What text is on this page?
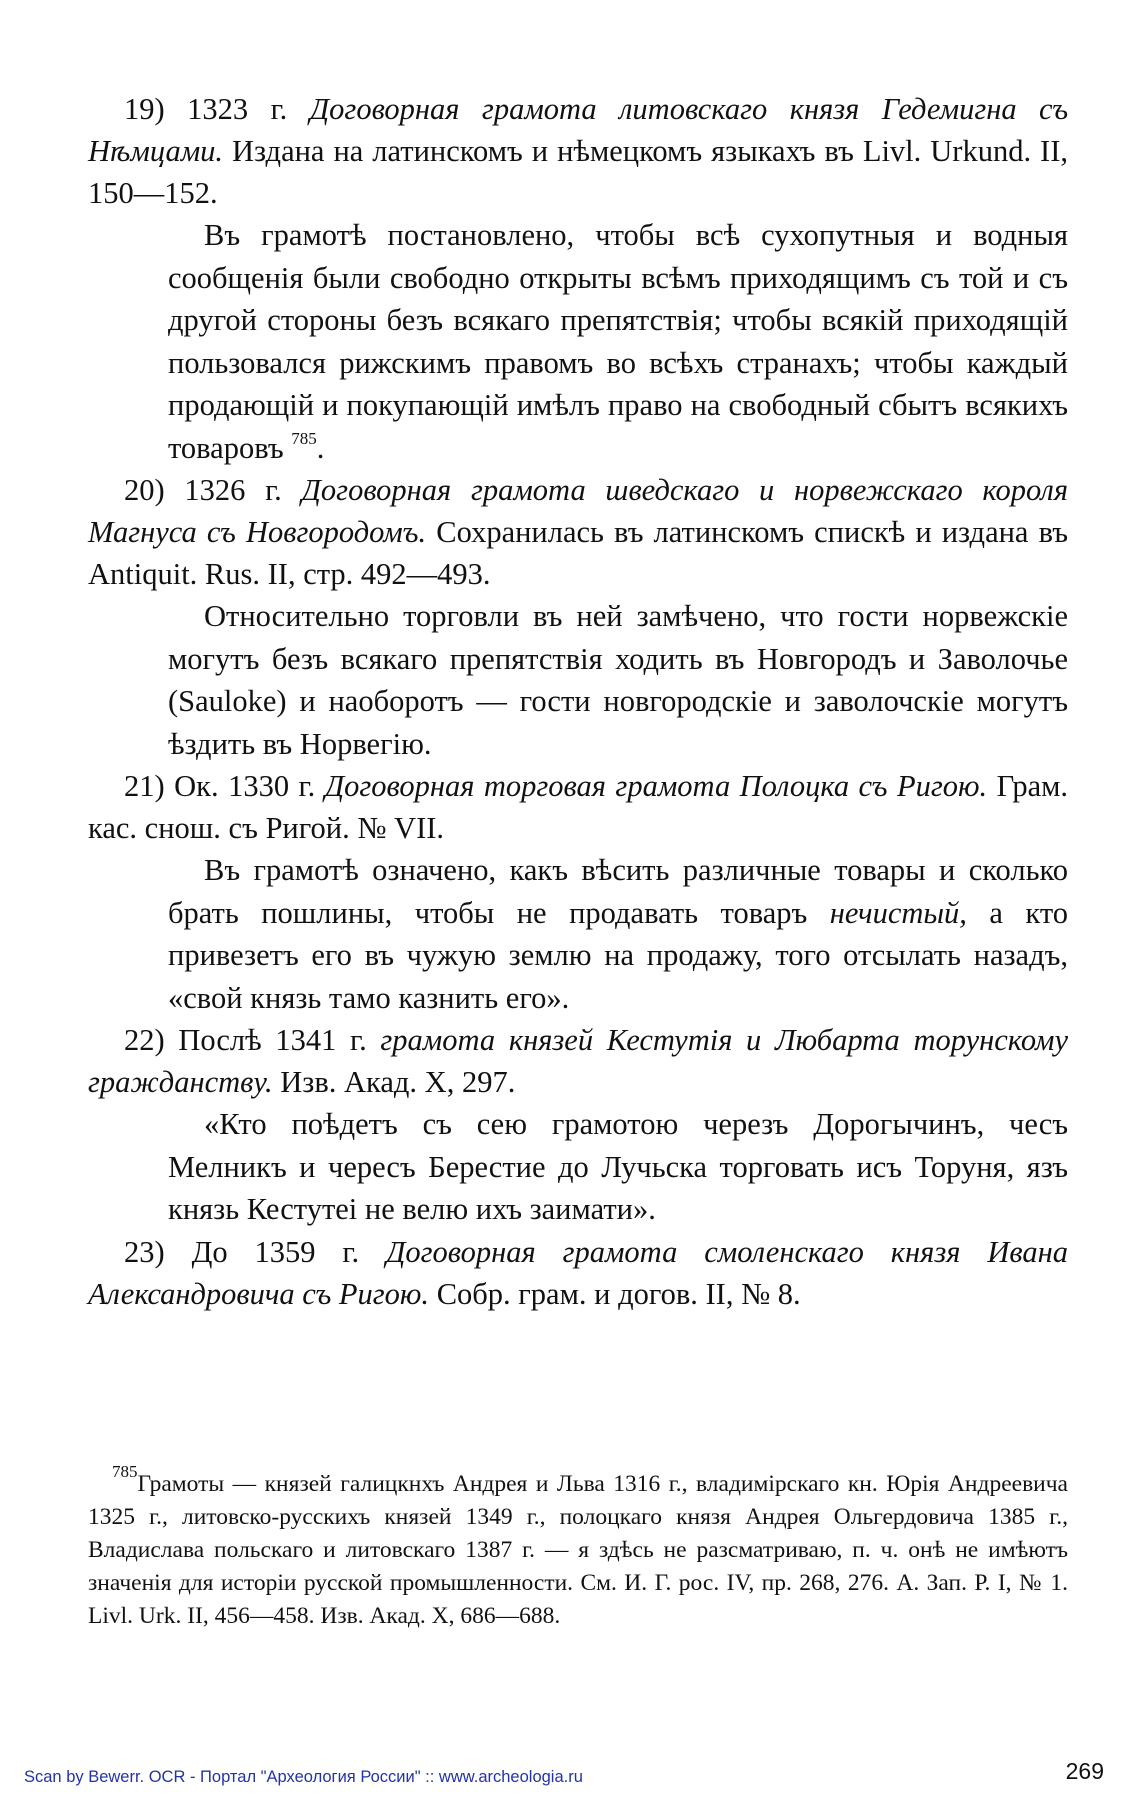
19) 1323 г. Договорная грамота литовскаго князя Гедемигна съ Нѣмцами. Издана на латинскомъ и нѣмецкомъ языкахъ въ Livl. Urkund. II, 150—152.

Въ грамотѣ постановлено, чтобы всѣ сухопутныя и водныя сообщенія были свободно открыты всѣмъ приходящимъ съ той и съ другой стороны безъ всякаго препятствія; чтобы всякій приходящій пользовался рижскимъ правомъ во всѣхъ странахъ; чтобы каждый продающій и покупающій имѣлъ право на свободный сбытъ всякихъ товаровъ $^{785}$.

20) 1326 г. Договорная грамота шведскаго и норвежскаго короля Магнуса съ Новгородомъ. Сохранилась въ латинскомъ спискѣ и издана въ Antiquit. Rus. II, стр. 492—493.

Относительно торговли въ ней замѣчено, что гости норвежскіе могутъ безъ всякаго препятствія ходить въ Новгородъ и Заволочье (Sauloke) и наоборотъ — гости новгородскіе и заволочскіе могутъ ѣздить въ Норвегію.

21) Ок. 1330 г. Договорная торговая грамота Полоцка съ Ригою. Грам. кас. снош. съ Ригой. № VII.

Въ грамотѣ означено, какъ вѣсить различные товары и сколько брать пошлины, чтобы не продавать товаръ нечистый, а кто привезетъ его въ чужую землю на продажу, того отсылать назадъ, «свой князь тамо казнить его».

22) Послѣ 1341 г. грамота князей Кестутія и Любарта торунскому гражданству. Изв. Акад. X, 297.

«Кто поѣдетъ съ сею грамотою черезъ Дорогычинъ, чесъ Мелникъ и чересъ Берестие до Лучьска торговать исъ Торуня, язъ князь Кестутеі не велю ихъ заимати».

23) До 1359 г. Договорная грамота смоленскаго князя Ивана Александровича съ Ригою. Собр. грам. и догов. II, № 8.

$^{785}$Грамоты — князей галицкнхъ Андрея и Льва 1316 г., владимірскаго кн. Юрія Андреевича 1325 г., литовско-русскихъ князей 1349 г., полоцкаго князя Андрея Ольгердовича 1385 г., Владислава польскаго и литовскаго 1387 г. — я здѣсь не разсматриваю, п. ч. онѣ не имѣютъ значенія для исторіи русской промышленности. См. И. Г. рос. IV, пр. 268, 276. А. Зап. Р. I, № 1. Livl. Urk. II, 456—458. Изв. Акад. X, 686—688.

Scan by Bewerr. OCR - Портал "Археология России" :: www.archeologia.ru	269
